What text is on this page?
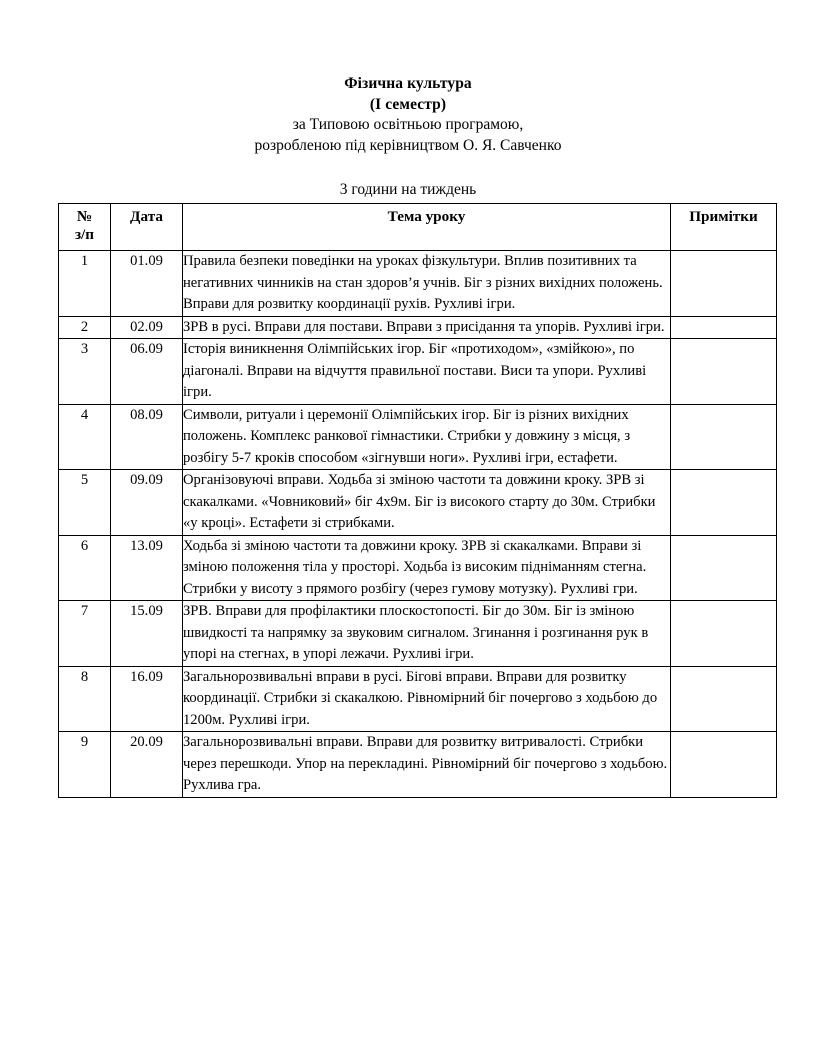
Фізична культура
(І семестр)
за Типовою освітньою програмою,
розробленою під керівництвом О. Я. Савченко
3 години на тиждень
№
з/п	Дата	Тема уроку	Примітки
1	01.09	Правила безпеки поведінки на уроках фізкультури. Вплив позитивних та негативних чинників на стан здоров’я учнів. Біг з різних вихідних положень. Вправи для розвитку координації рухів. Рухливі ігри.	

2	02.09	ЗРВ в русі. Вправи для постави. Вправи з присідання та упорів. Рухливі ігри.	

3	06.09	Історія виникнення Олімпійських ігор. Біг «протиходом», «змійкою», по діагоналі. Вправи на відчуття правильної постави. Виси та упори. Рухливі ігри.	

4	08.09	Символи, ритуали і церемонії Олімпійських ігор. Біг із різних вихідних положень. Комплекс ранкової гімнастики. Стрибки у довжину з місця, з розбігу 5-7 кроків способом «зігнувши ноги». Рухливі ігри, естафети.	

5	09.09	Організовуючі вправи. Ходьба зі зміною частоти та довжини кроку. ЗРВ зі скакалками. «Човниковий» біг 4х9м. Біг із високого старту до 30м. Стрибки «у кроці». Естафети зі стрибками.	

6	13.09	Ходьба зі зміною частоти та довжини кроку. ЗРВ зі скакалками. Вправи зі зміною положення тіла у просторі. Ходьба із високим підніманням стегна. Стрибки у висоту з прямого розбігу (через гумову мотузку). Рухливі гри.	

7	15.09	ЗРВ. Вправи для профілактики плоскостопості. Біг до 30м. Біг із зміною швидкості та напрямку за звуковим сигналом. Згинання і розгинання рук в упорі на стегнах, в упорі лежачи. Рухливі ігри.	

8	16.09	Загальнорозвивальні вправи в русі. Бігові вправи. Вправи для розвитку координації. Стрибки зі скакалкою. Рівномірний біг почергово з ходьбою до 1200м. Рухливі ігри.	

9	20.09	Загальнорозвивальні вправи. Вправи для розвитку витривалості. Стрибки через перешкоди. Упор на перекладині. Рівномірний біг почергово з ходьбою. Рухлива гра.	
